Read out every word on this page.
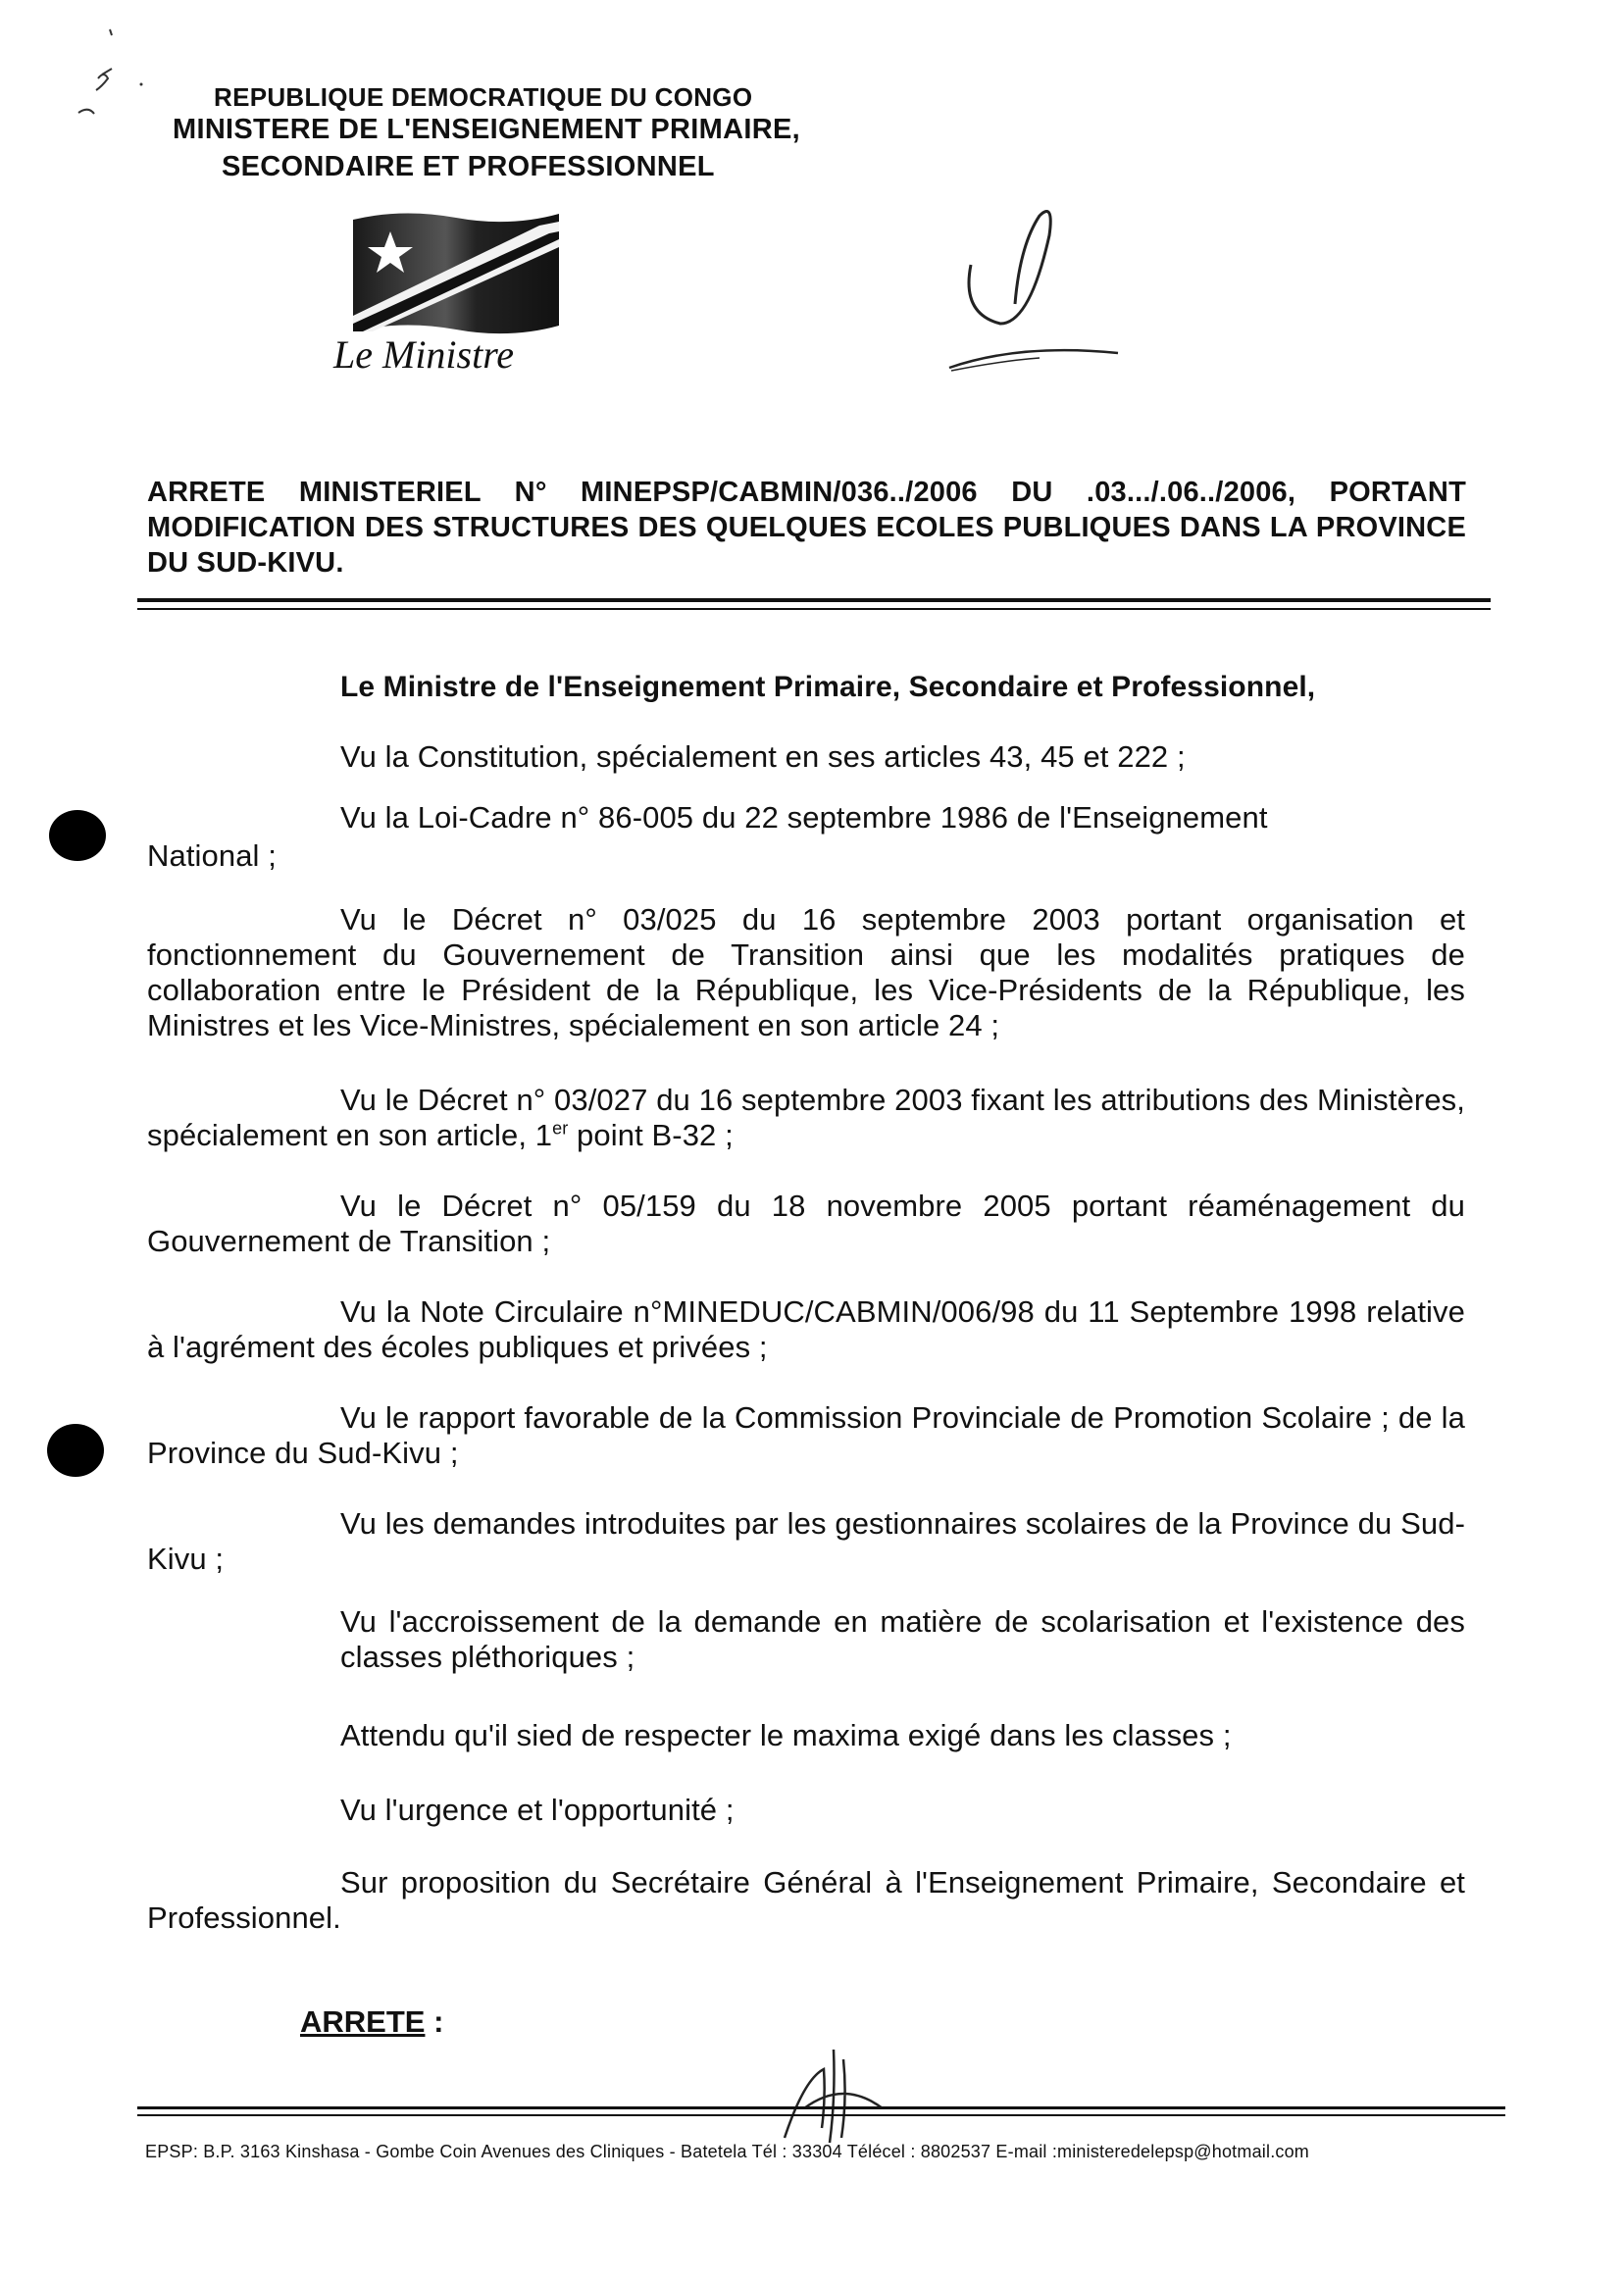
REPUBLIQUE DEMOCRATIQUE DU CONGO
MINISTERE DE L'ENSEIGNEMENT PRIMAIRE,
SECONDAIRE ET PROFESSIONNEL
Le Ministre
ARRETE MINISTERIEL N° MINEPSP/CABMIN/036../2006 DU .03.../.06../2006, PORTANT MODIFICATION DES STRUCTURES DES QUELQUES ECOLES PUBLIQUES DANS LA PROVINCE DU SUD-KIVU.
Le Ministre de l'Enseignement Primaire, Secondaire et Professionnel,
Vu la Constitution, spécialement en ses articles 43, 45 et 222 ;
Vu la Loi-Cadre n° 86-005 du 22 septembre 1986 de l'Enseignement
National ;
Vu le Décret n° 03/025 du 16 septembre 2003 portant organisation et fonctionnement du Gouvernement de Transition ainsi que les modalités pratiques de collaboration entre le Président de la République, les Vice-Présidents de la République, les Ministres et les Vice-Ministres, spécialement en son article 24 ;
Vu le Décret n° 03/027 du 16 septembre 2003 fixant les attributions des Ministères, spécialement en son article, 1er point B-32 ;
Vu le Décret n° 05/159 du 18 novembre 2005 portant réaménagement du Gouvernement de Transition ;
Vu la Note Circulaire n°MINEDUC/CABMIN/006/98 du 11 Septembre 1998 relative à l'agrément des écoles publiques et privées ;
Vu le rapport favorable de la Commission Provinciale de Promotion Scolaire ; de la Province du Sud-Kivu ;
Vu les demandes introduites par les gestionnaires scolaires de la Province du Sud-Kivu ;
Vu l'accroissement de la demande en matière de scolarisation et l'existence des classes pléthoriques ;
Attendu qu'il sied de respecter le maxima exigé dans les classes ;
Vu l'urgence et l'opportunité ;
Sur proposition du Secrétaire Général à l'Enseignement Primaire, Secondaire et Professionnel.
ARRETE :
EPSP: B.P. 3163 Kinshasa - Gombe Coin Avenues des Cliniques - Batetela Tél : 33304 Télécel : 8802537 E-mail :ministeredelepsp@hotmail.com
